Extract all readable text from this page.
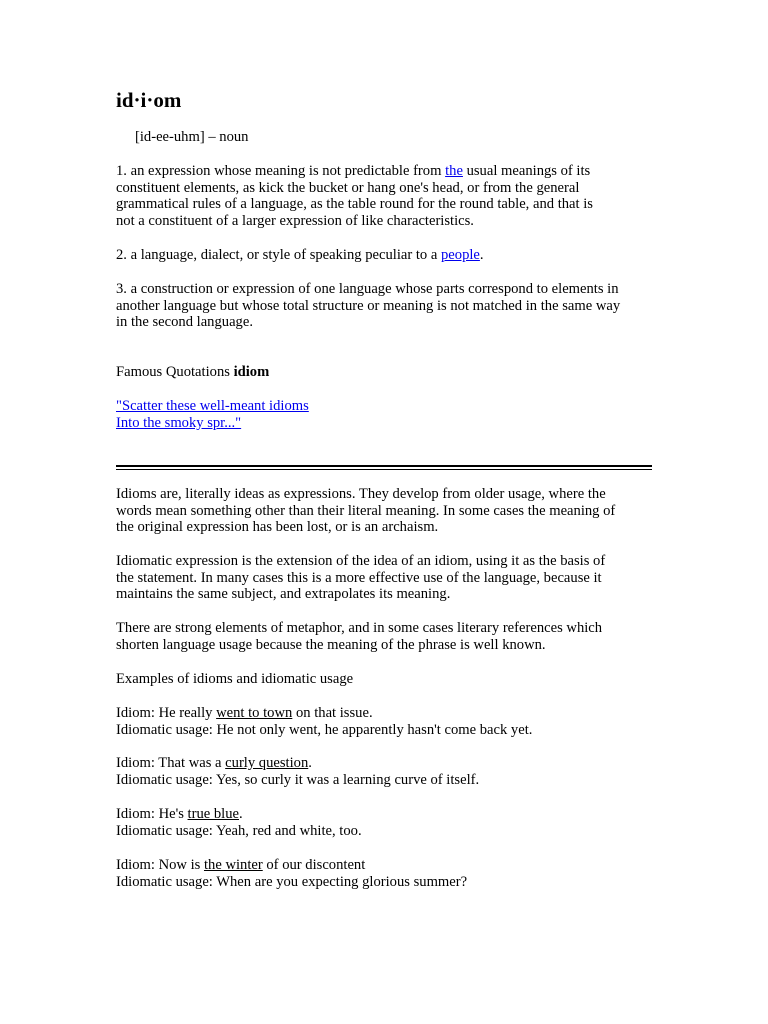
id·i·om
[id-ee-uhm] – noun
1. an expression whose meaning is not predictable from the usual meanings of its
constituent elements, as kick the bucket or hang one's head, or from the general
grammatical rules of a language, as the table round for the round table, and that is
not a constituent of a larger expression of like characteristics.
2. a language, dialect, or style of speaking peculiar to a people.
3. a construction or expression of one language whose parts correspond to elements in
another language but whose total structure or meaning is not matched in the same way
in the second language.
Famous Quotations idiom
"Scatter these well-meant idioms
Into the smoky spr..."
Idioms are, literally ideas as expressions. They develop from older usage, where the
words mean something other than their literal meaning. In some cases the meaning of
the original expression has been lost, or is an archaism.
Idiomatic expression is the extension of the idea of an idiom, using it as the basis of
the statement. In many cases this is a more effective use of the language, because it
maintains the same subject, and extrapolates its meaning.
There are strong elements of metaphor, and in some cases literary references which
shorten language usage because the meaning of the phrase is well known.
Examples of idioms and idiomatic usage
Idiom: He really went to town on that issue.
Idiomatic usage: He not only went, he apparently hasn't come back yet.
Idiom: That was a curly question.
Idiomatic usage: Yes, so curly it was a learning curve of itself.
Idiom: He's true blue.
Idiomatic usage: Yeah, red and white, too.
Idiom: Now is the winter of our discontent
Idiomatic usage: When are you expecting glorious summer?
